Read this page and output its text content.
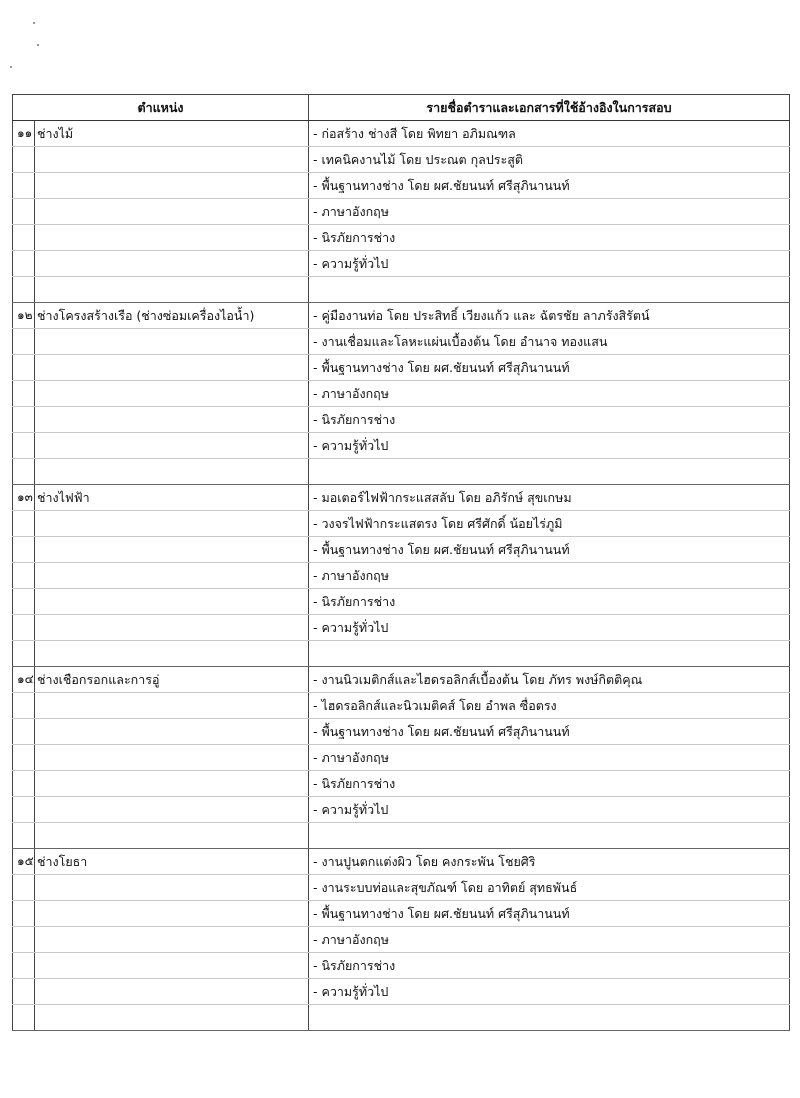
ตำแหน่ง		รายชื่อตำราและเอกสารที่ใช้อ้างอิงในการสอบ
๑๑	ช่างไม้	- ก่อสร้าง ช่างสี โดย พิทยา อภิมณฑล
		- เทคนิคงานไม้ โดย ประณต กุลประสูติ
		- พื้นฐานทางช่าง โดย ผศ.ชัยนนท์ ศรีสุภินานนท์
		- ภาษาอังกฤษ
		- นิรภัยการช่าง
		- ความรู้ทั่วไป

๑๒	ช่างโครงสร้างเรือ (ช่างซ่อมเครื่องไอน้ำ)	- คู่มืองานท่อ โดย ประสิทธิ์ เวียงแก้ว และ ฉัตรชัย ลาภรังสิรัตน์
		- งานเชื่อมและโลหะแผ่นเบื้องต้น โดย อำนาจ ทองแสน
		- พื้นฐานทางช่าง โดย ผศ.ชัยนนท์ ศรีสุภินานนท์
		- ภาษาอังกฤษ
		- นิรภัยการช่าง
		- ความรู้ทั่วไป

๑๓	ช่างไฟฟ้า	- มอเตอร์ไฟฟ้ากระแสสลับ โดย อภิรักษ์ สุขเกษม
		- วงจรไฟฟ้ากระแสตรง โดย ศรีศักดิ์ น้อยไร่ภูมิ
		- พื้นฐานทางช่าง โดย ผศ.ชัยนนท์ ศรีสุภินานนท์
		- ภาษาอังกฤษ
		- นิรภัยการช่าง
		- ความรู้ทั่วไป

๑๔	ช่างเชือกรอกและการอู่	- งานนิวเมติกส์และไฮดรอลิกส์เบื้องต้น โดย ภัทร พงษ์กิตติคุณ
		- ไฮดรอลิกส์และนิวเมติคส์ โดย อำพล ซื่อตรง
		- พื้นฐานทางช่าง โดย ผศ.ชัยนนท์ ศรีสุภินานนท์
		- ภาษาอังกฤษ
		- นิรภัยการช่าง
		- ความรู้ทั่วไป

๑๕	ช่างโยธา	- งานปูนตกแต่งผิว โดย คงกระพัน โชยศิริ
		- งานระบบท่อและสุขภัณฑ์ โดย อาทิตย์ สุทธพันธ์
		- พื้นฐานทางช่าง โดย ผศ.ชัยนนท์ ศรีสุภินานนท์
		- ภาษาอังกฤษ
		- นิรภัยการช่าง
		- ความรู้ทั่วไป
